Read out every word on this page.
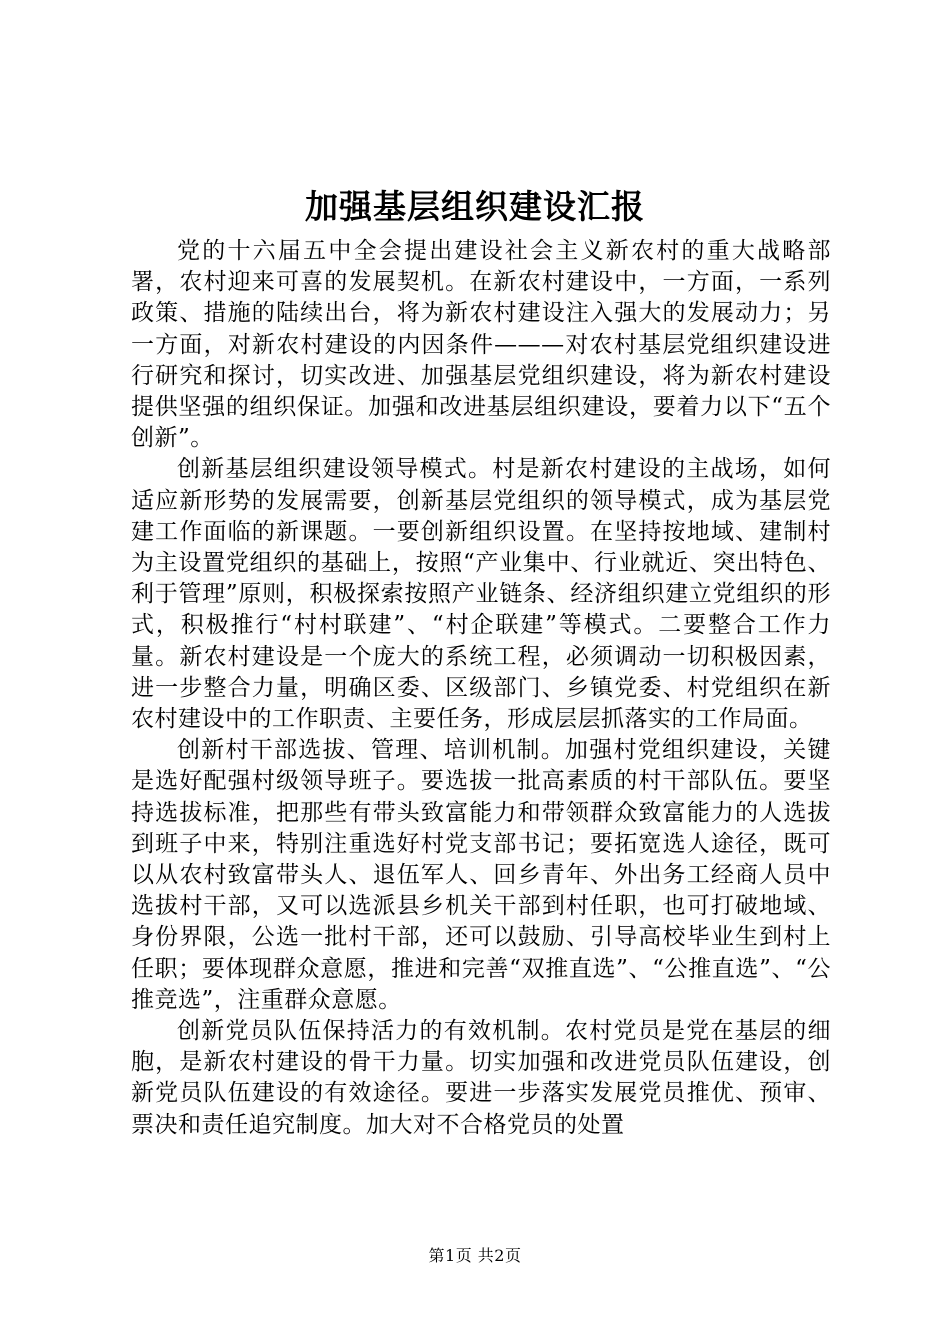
加强基层组织建设汇报

党的十六届五中全会提出建设社会主义新农村的重大战略部署，农村迎来可喜的发展契机。在新农村建设中，一方面，一系列政策、措施的陆续出台，将为新农村建设注入强大的发展动力；另一方面，对新农村建设的内因条件———对农村基层党组织建设进行研究和探讨，切实改进、加强基层党组织建设，将为新农村建设提供坚强的组织保证。加强和改进基层组织建设，要着力以下“五个创新”。

创新基层组织建设领导模式。村是新农村建设的主战场，如何适应新形势的发展需要，创新基层党组织的领导模式，成为基层党建工作面临的新课题。一要创新组织设置。在坚持按地域、建制村为主设置党组织的基础上，按照“产业集中、行业就近、突出特色、利于管理”原则，积极探索按照产业链条、经济组织建立党组织的形式，积极推行“村村联建”、“村企联建”等模式。二要整合工作力量。新农村建设是一个庞大的系统工程，必须调动一切积极因素，进一步整合力量，明确区委、区级部门、乡镇党委、村党组织在新农村建设中的工作职责、主要任务，形成层层抓落实的工作局面。

创新村干部选拔、管理、培训机制。加强村党组织建设，关键是选好配强村级领导班子。要选拔一批高素质的村干部队伍。要坚持选拔标准，把那些有带头致富能力和带领群众致富能力的人选拔到班子中来，特别注重选好村党支部书记；要拓宽选人途径，既可以从农村致富带头人、退伍军人、回乡青年、外出务工经商人员中选拔村干部，又可以选派县乡机关干部到村任职，也可打破地域、身份界限，公选一批村干部，还可以鼓励、引导高校毕业生到村上任职；要体现群众意愿，推进和完善“双推直选”、“公推直选”、“公推竞选”，注重群众意愿。

创新党员队伍保持活力的有效机制。农村党员是党在基层的细胞，是新农村建设的骨干力量。切实加强和改进党员队伍建设，创新党员队伍建设的有效途径。要进一步落实发展党员推优、预审、票决和责任追究制度。加大对不合格党员的处置

第1页 共2页
